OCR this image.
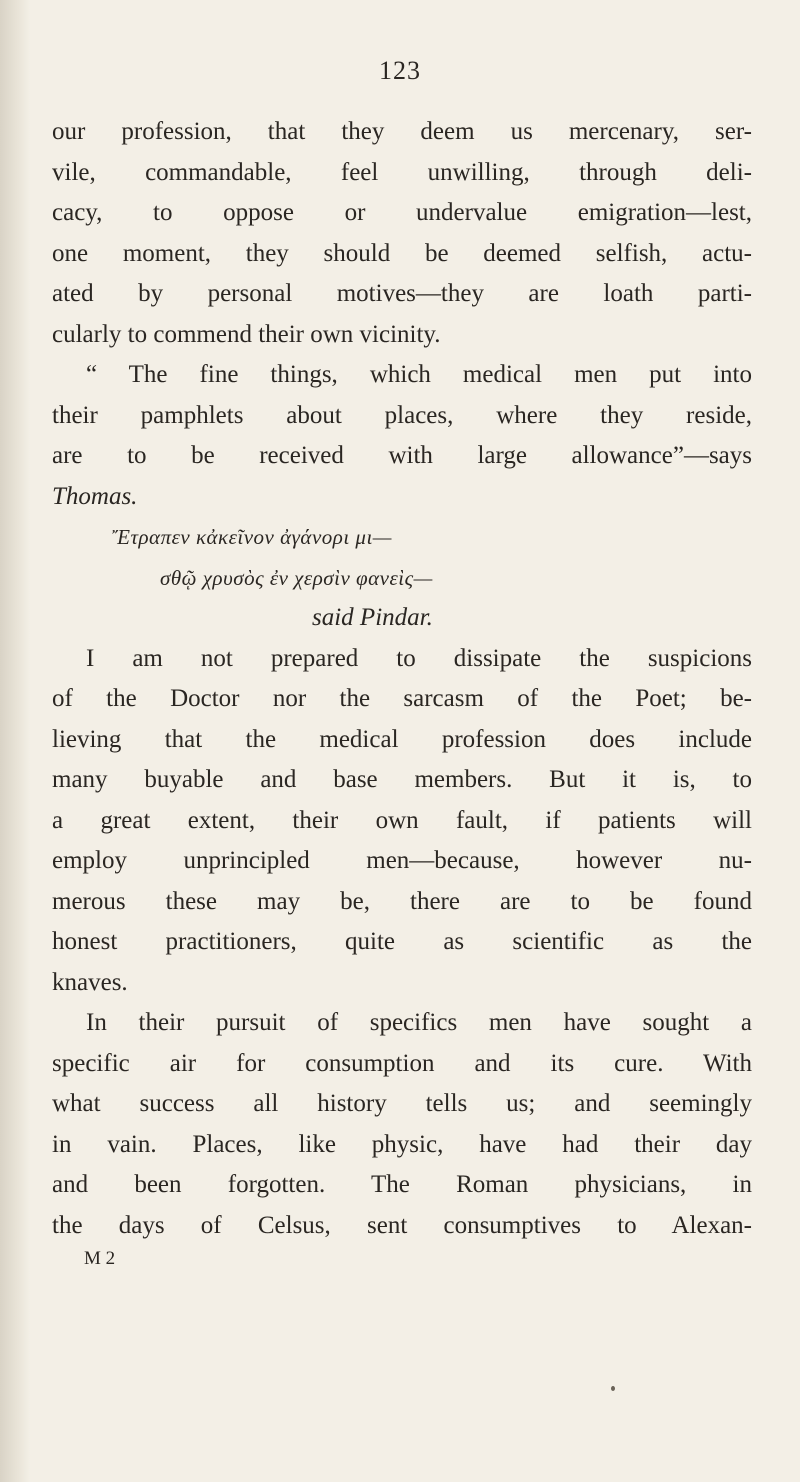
123
our profession, that they deem us mercenary, ser-
vile, commandable, feel unwilling, through deli-
cacy, to oppose or undervalue emigration—lest,
one moment, they should be deemed selfish, actu-
ated by personal motives—they are loath parti-
cularly to commend their own vicinity.
“ The fine things, which medical men put into
their pamphlets about places, where they reside,
are to be received with large allowance”—says
Thomas.
Ἔτραπεν κἀκεῖνον ἀγάνορι μι—
σθῷ χρυσὸς ἐν χερσὶν φανεὶς—
said Pindar.
I am not prepared to dissipate the suspicions
of the Doctor nor the sarcasm of the Poet; be-
lieving that the medical profession does include
many buyable and base members. But it is, to
a great extent, their own fault, if patients will
employ unprincipled men—because, however nu-
merous these may be, there are to be found
honest practitioners, quite as scientific as the
knaves.
In their pursuit of specifics men have sought a
specific air for consumption and its cure. With
what success all history tells us; and seemingly
in vain. Places, like physic, have had their day
and been forgotten. The Roman physicians, in
the days of Celsus, sent consumptives to Alexan-
M 2
